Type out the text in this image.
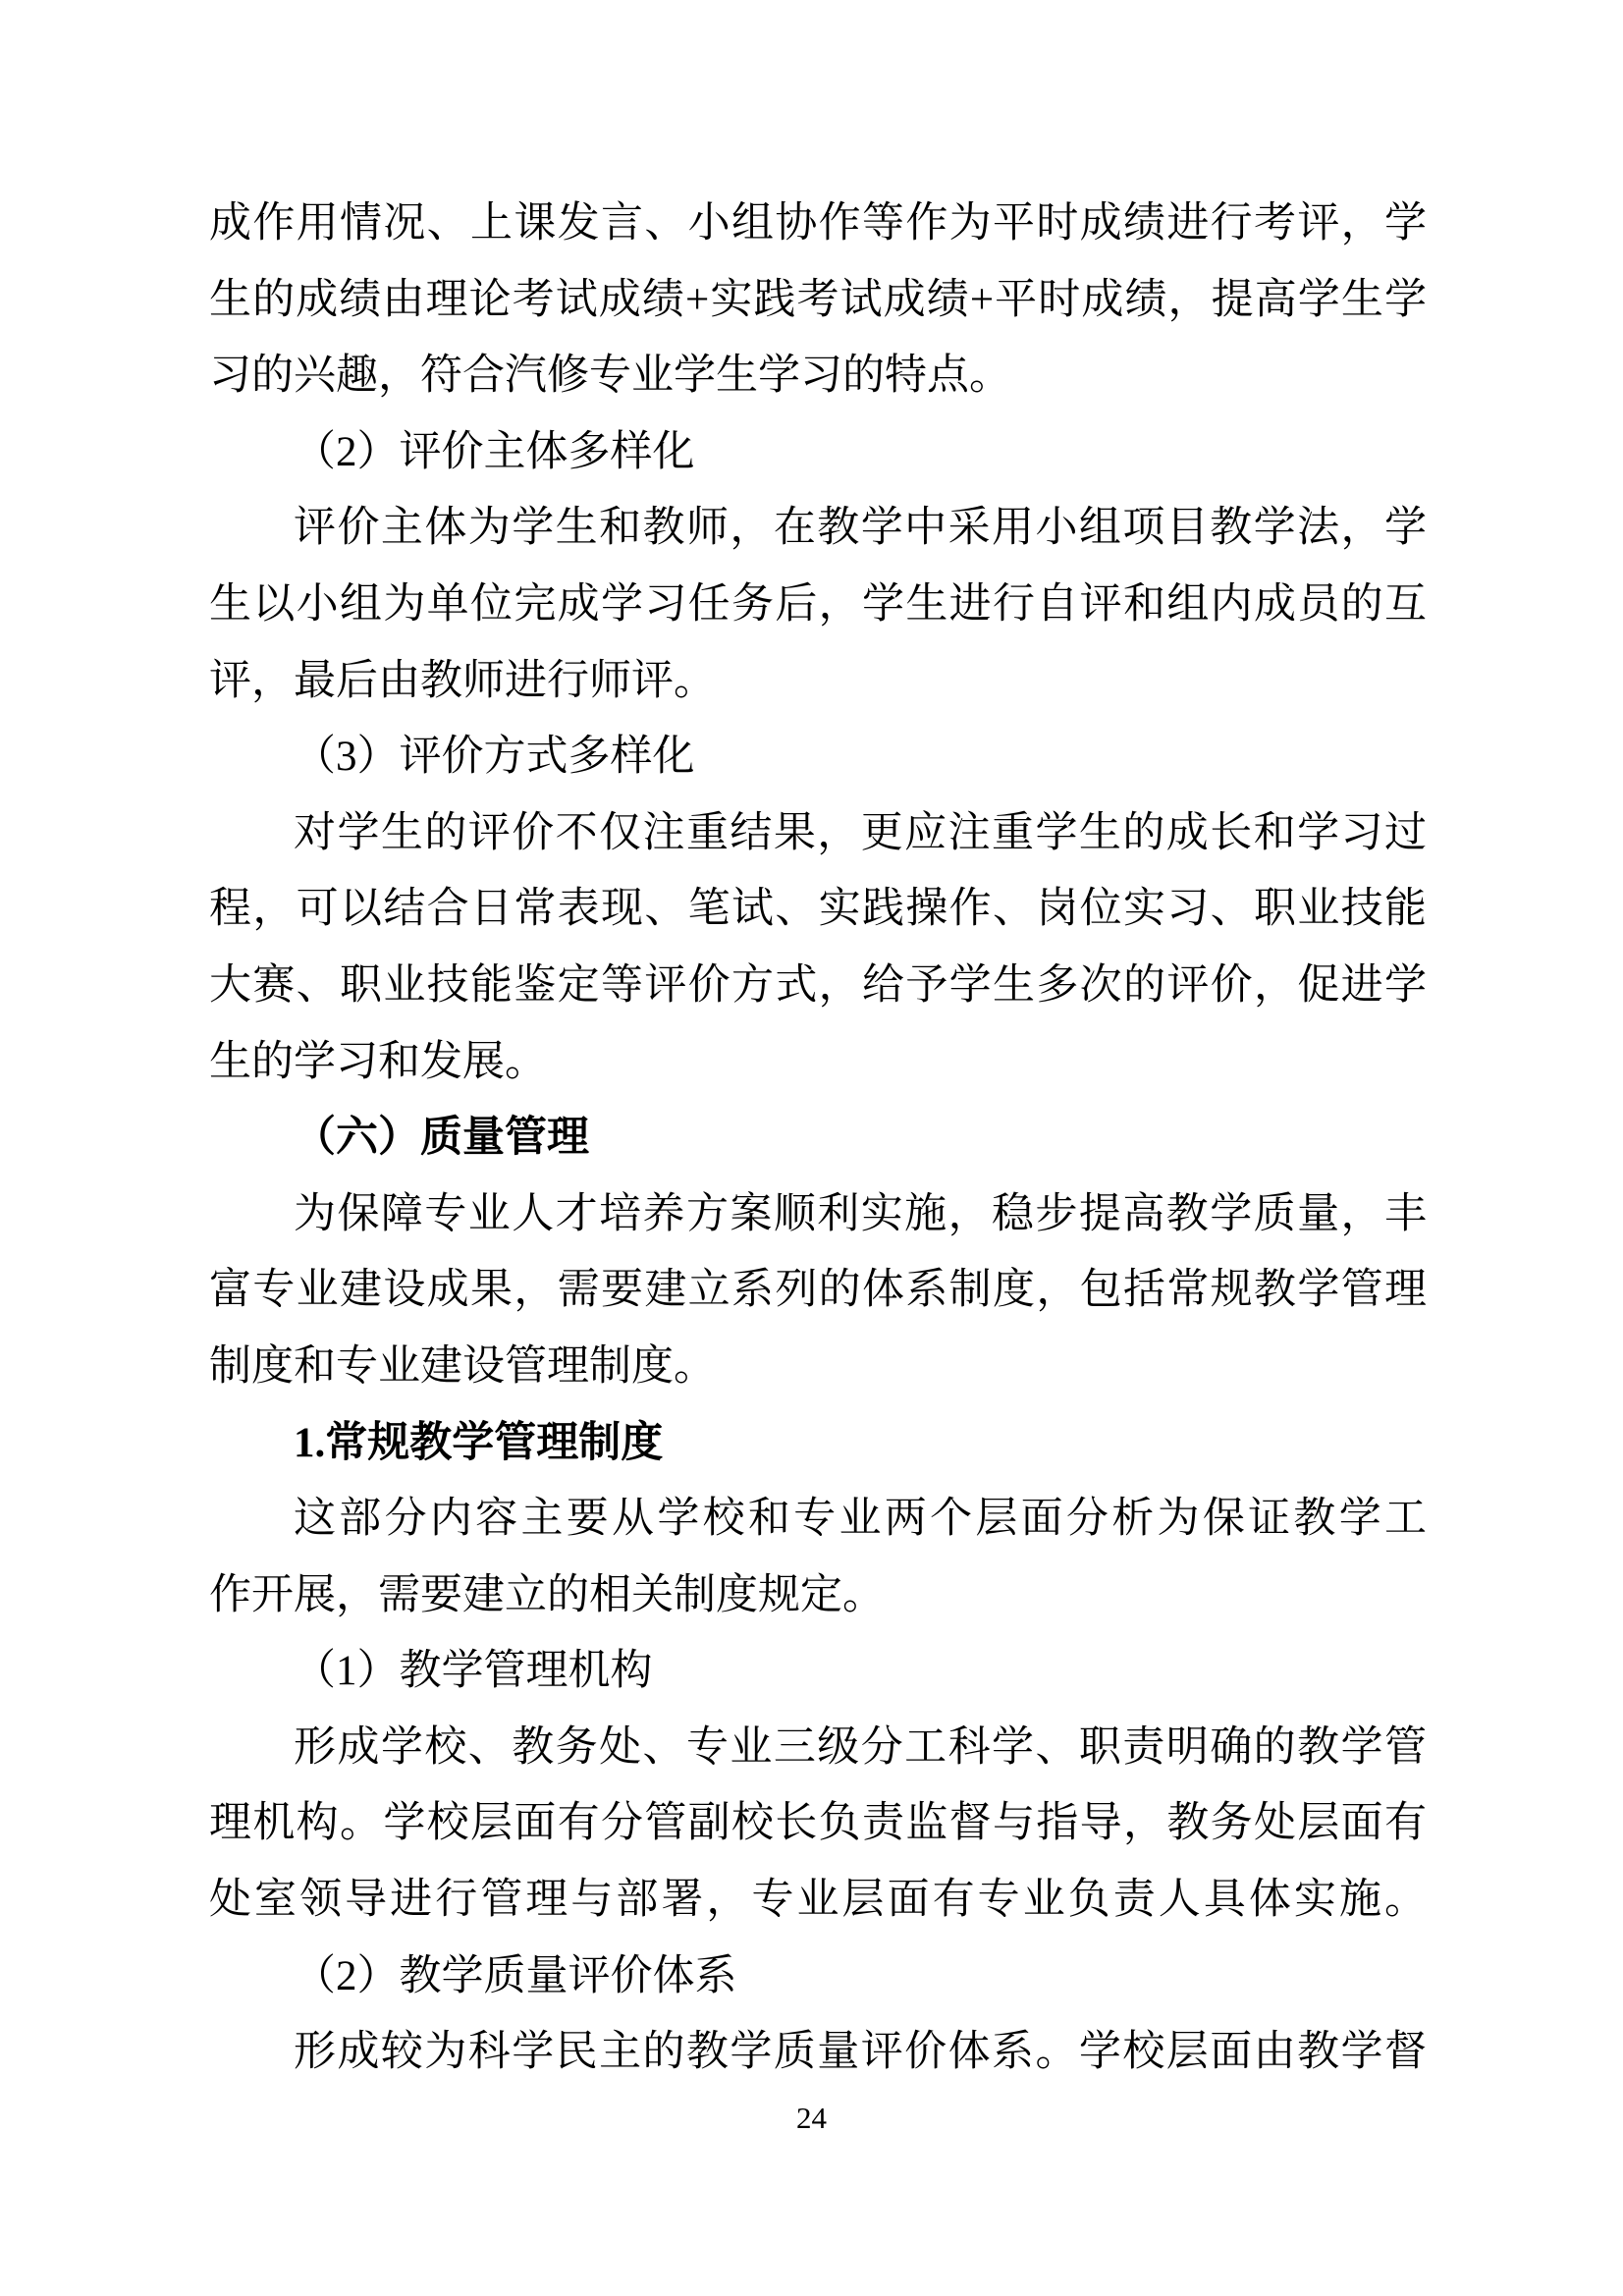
成作用情况、上课发言、小组协作等作为平时成绩进行考评，学
生的成绩由理论考试成绩+实践考试成绩+平时成绩，提高学生学
习的兴趣，符合汽修专业学生学习的特点。
（2）评价主体多样化
评价主体为学生和教师，在教学中采用小组项目教学法，学
生以小组为单位完成学习任务后，学生进行自评和组内成员的互
评，最后由教师进行师评。
（3）评价方式多样化
对学生的评价不仅注重结果，更应注重学生的成长和学习过
程，可以结合日常表现、笔试、实践操作、岗位实习、职业技能
大赛、职业技能鉴定等评价方式，给予学生多次的评价，促进学
生的学习和发展。
（六）质量管理
为保障专业人才培养方案顺利实施，稳步提高教学质量，丰
富专业建设成果，需要建立系列的体系制度，包括常规教学管理
制度和专业建设管理制度。
1.常规教学管理制度
这部分内容主要从学校和专业两个层面分析为保证教学工
作开展，需要建立的相关制度规定。
（1）教学管理机构
形成学校、教务处、专业三级分工科学、职责明确的教学管
理机构。学校层面有分管副校长负责监督与指导，教务处层面有
处室领导进行管理与部署，专业层面有专业负责人具体实施。
（2）教学质量评价体系
形成较为科学民主的教学质量评价体系。学校层面由教学督
24
